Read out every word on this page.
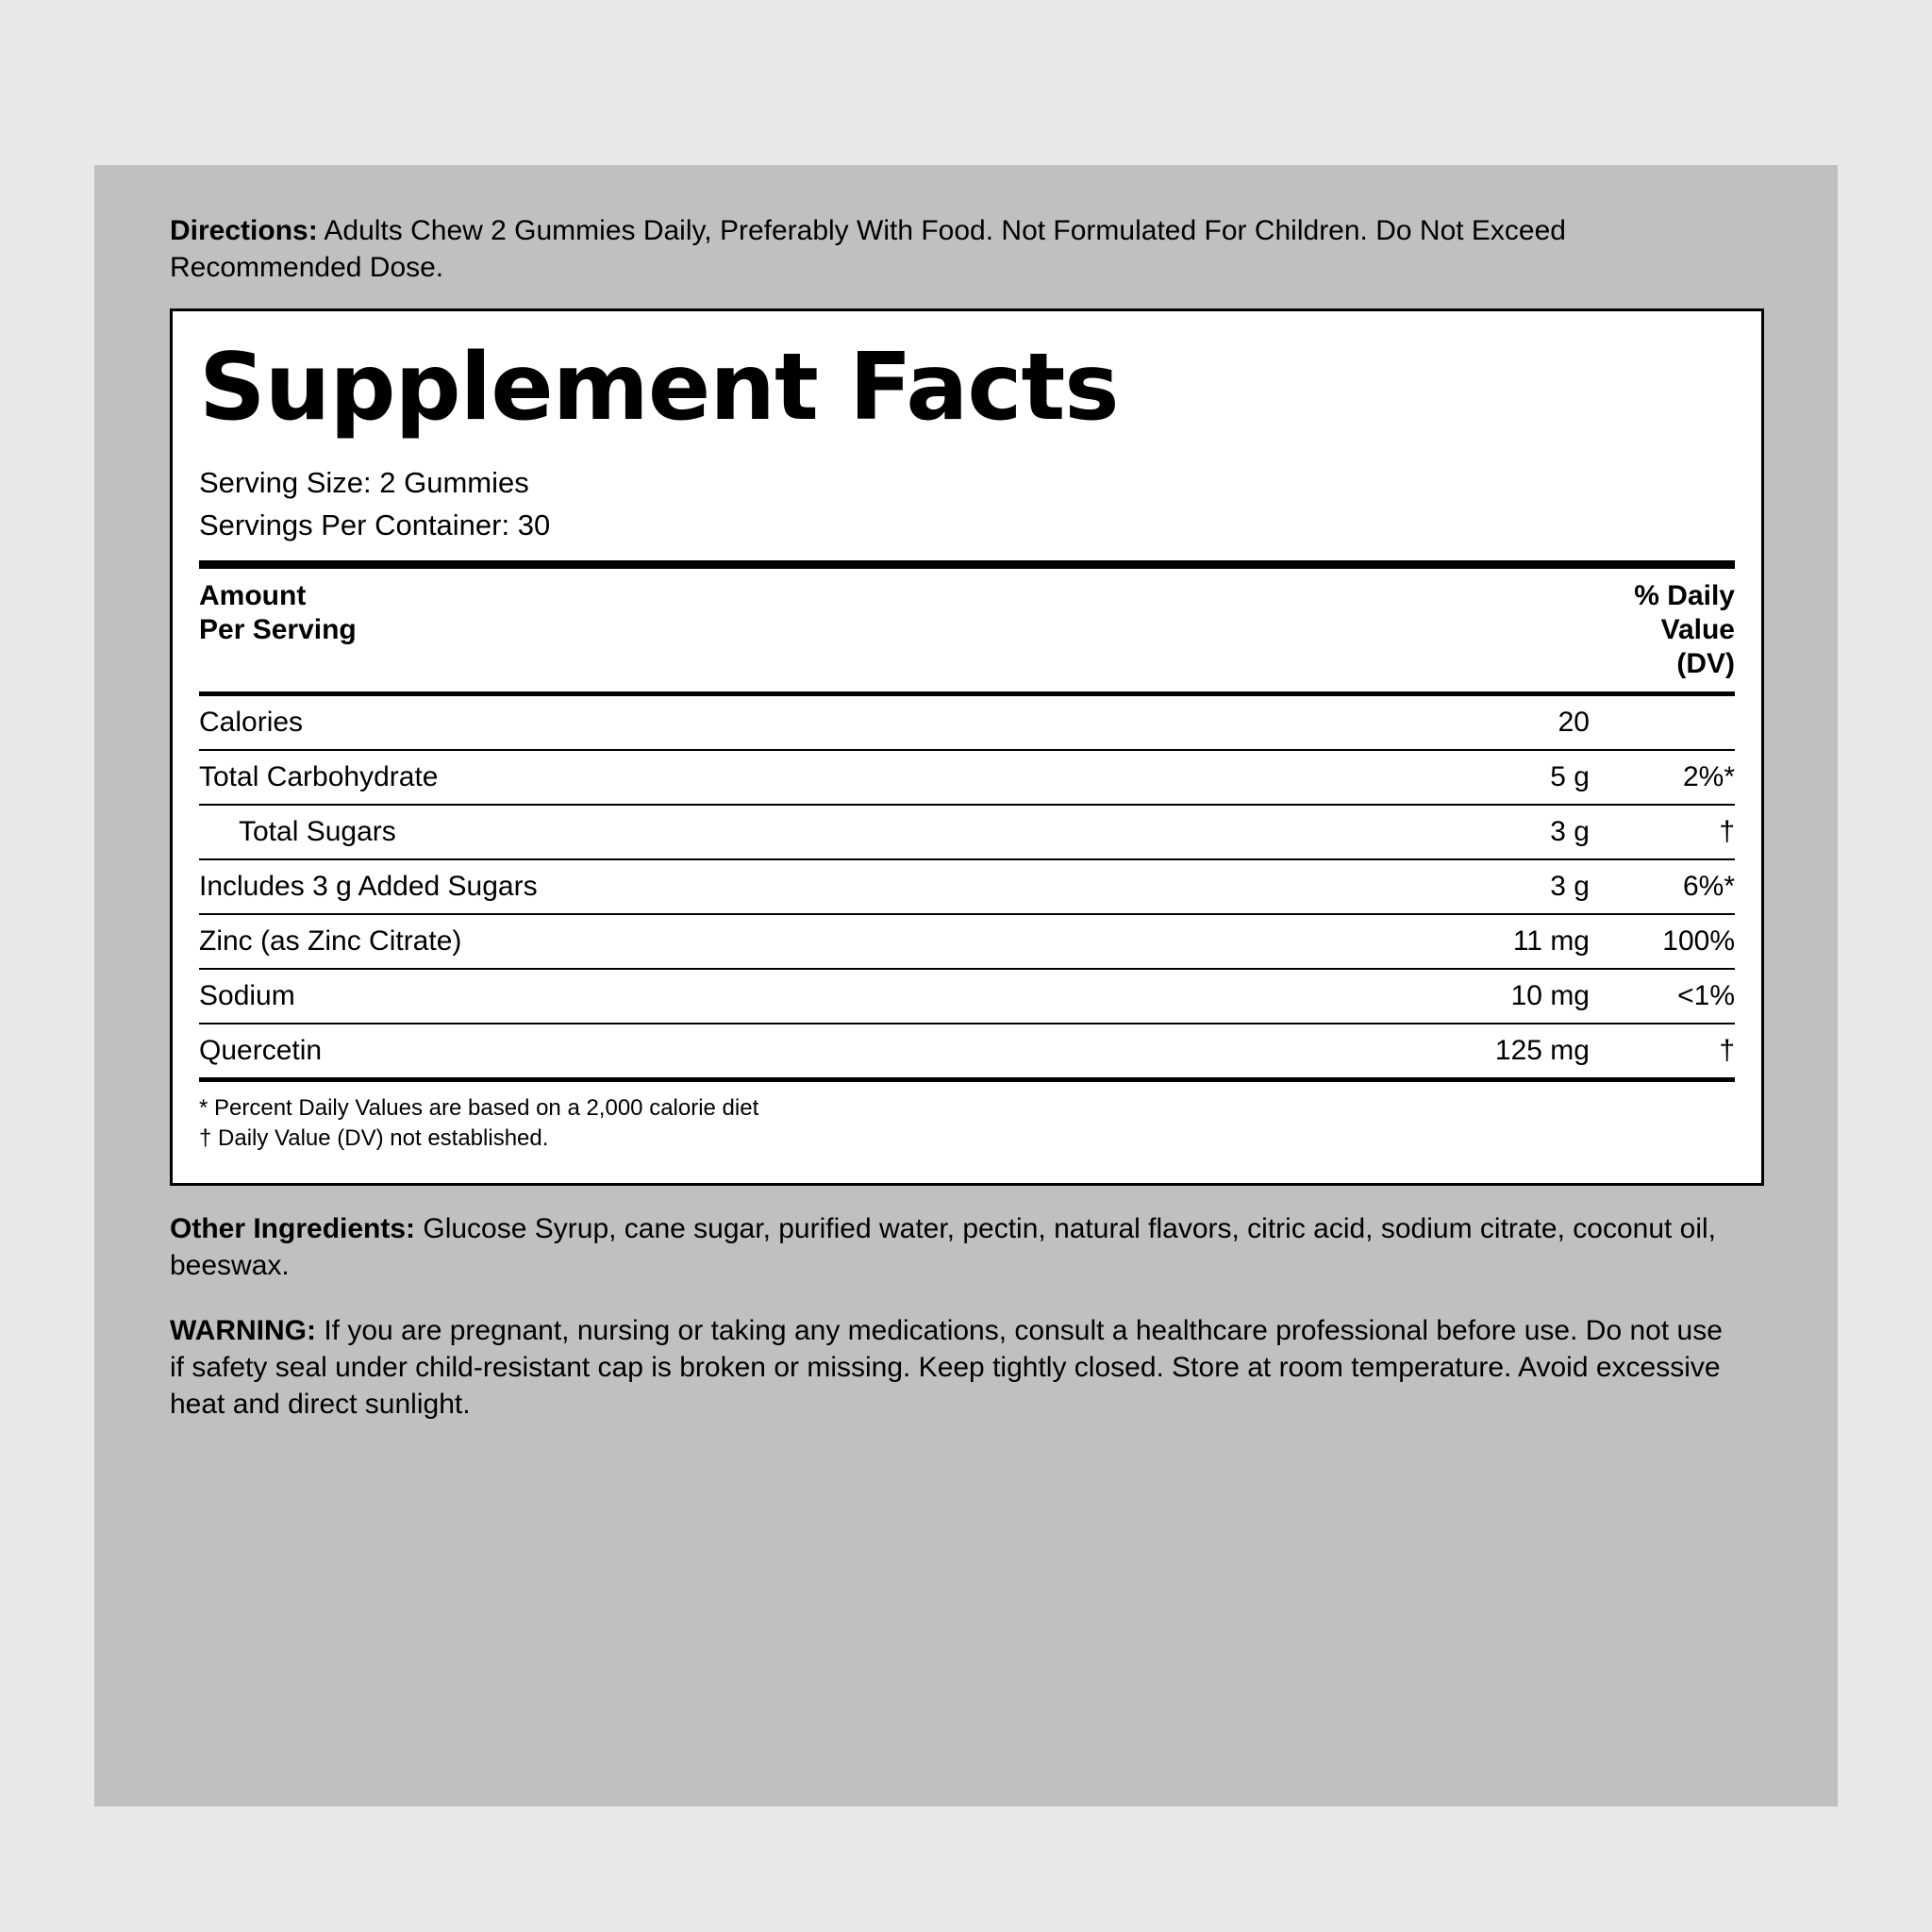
Directions: Adults Chew 2 Gummies Daily, Preferably With Food. Not Formulated For Children. Do Not Exceed Recommended Dose.

Supplement Facts
Serving Size: 2 Gummies
Servings Per Container: 30
Amount
Per Serving

% Daily
Value
(DV)
Calories	20	
Total Carbohydrate	5 g	2%*
Total Sugars	3 g	†
Includes 3 g Added Sugars	3 g	6%*
Zinc (as Zinc Citrate)	11 mg	100%
Sodium	10 mg	<1%
Quercetin	125 mg	†
* Percent Daily Values are based on a 2,000 calorie diet
† Daily Value (DV) not established.

Other Ingredients: Glucose Syrup, cane sugar, purified water, pectin, natural flavors, citric acid, sodium citrate, coconut oil, beeswax.

WARNING: If you are pregnant, nursing or taking any medications, consult a healthcare professional before use. Do not use if safety seal under child-resistant cap is broken or missing. Keep tightly closed. Store at room temperature. Avoid excessive heat and direct sunlight.
